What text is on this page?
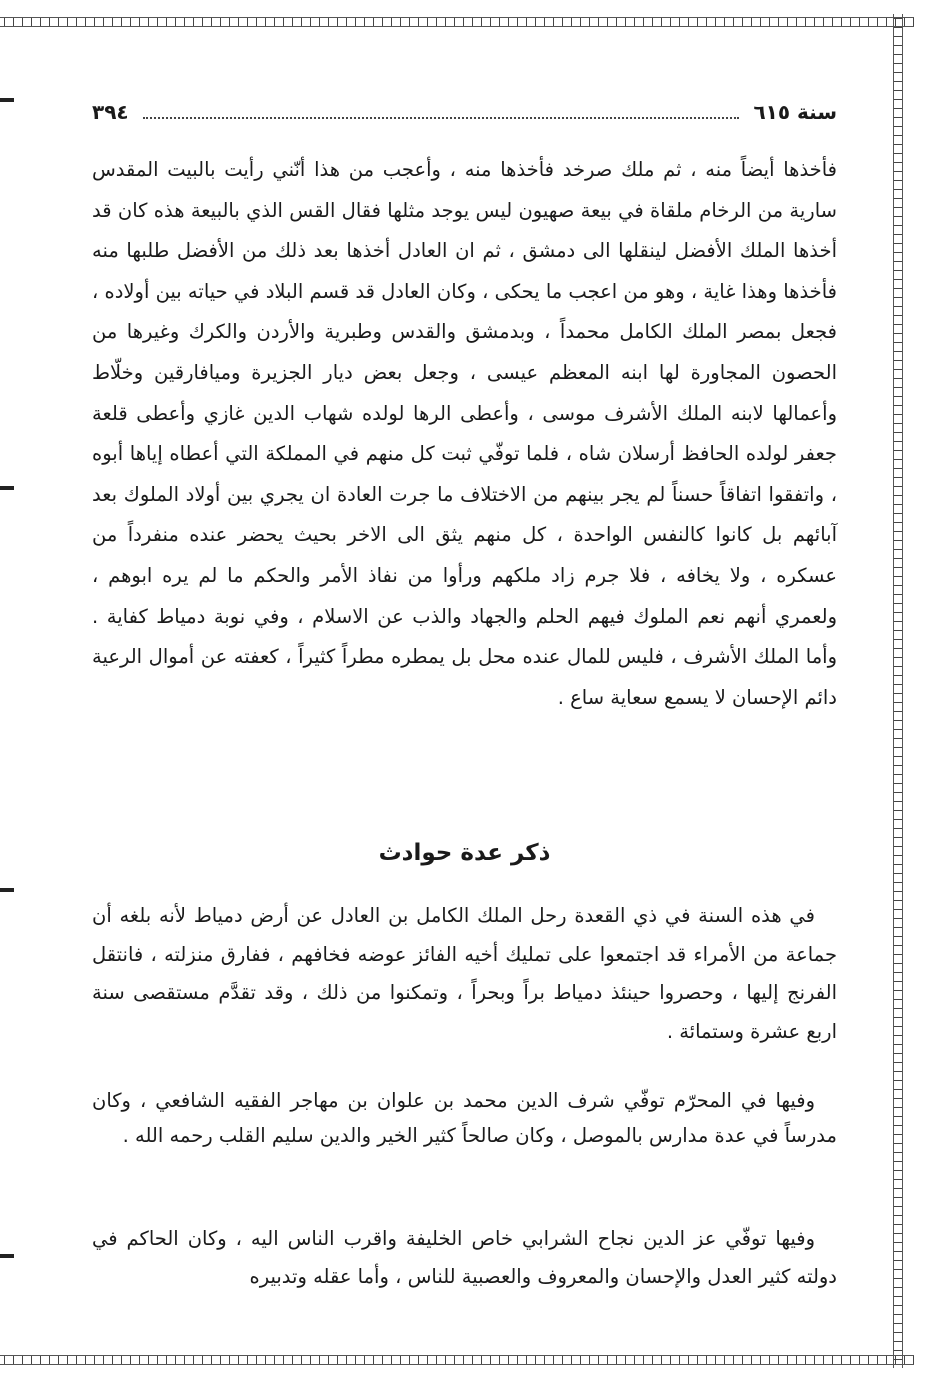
٣٩٤	سنة ٦١٥
فأخذها أيضاً منه ، ثم ملك صرخد فأخذها منه ، وأعجب من هذا أنّني رأيت بالبيت المقدس سارية من الرخام ملقاة في بيعة صهيون ليس يوجد مثلها فقال القس الذي بالبيعة هذه كان قد أخذها الملك الأفضل لينقلها الى دمشق ، ثم ان العادل أخذها بعد ذلك من الأفضل طلبها منه فأخذها وهذا غاية ، وهو من اعجب ما يحكى ، وكان العادل قد قسم البلاد في حياته بين أولاده ، فجعل بمصر الملك الكامل محمداً ، وبدمشق والقدس وطبرية والأردن والكرك وغيرها من الحصون المجاورة لها ابنه المعظم عيسى ، وجعل بعض ديار الجزيرة وميافارقين وخلّاط وأعمالها لابنه الملك الأشرف موسى ، وأعطى الرها لولده شهاب الدين غازي وأعطى قلعة جعفر لولده الحافظ أرسلان شاه ، فلما توفّي ثبت كل منهم في المملكة التي أعطاه إياها أبوه ، واتفقوا اتفاقاً حسناً لم يجر بينهم من الاختلاف ما جرت العادة ان يجري بين أولاد الملوك بعد آبائهم بل كانوا كالنفس الواحدة ، كل منهم يثق الى الاخر بحيث يحضر عنده منفرداً من عسكره ، ولا يخافه ، فلا جرم زاد ملكهم ورأوا من نفاذ الأمر والحكم ما لم يره ابوهم ، ولعمري أنهم نعم الملوك فيهم الحلم والجهاد والذب عن الاسلام ، وفي نوبة دمياط كفاية . وأما الملك الأشرف ، فليس للمال عنده محل بل يمطره مطراً كثيراً ، كعفته عن أموال الرعية دائم الإحسان لا يسمع سعاية ساع .
ذكر عدة حوادث
في هذه السنة في ذي القعدة رحل الملك الكامل بن العادل عن أرض دمياط لأنه بلغه أن جماعة من الأمراء قد اجتمعوا على تمليك أخيه الفائز عوضه فخافهم ، ففارق منزلته ، فانتقل الفرنج إليها ، وحصروا حينئذ دمياط براً وبحراً ، وتمكنوا من ذلك ، وقد تقدَّم مستقصى سنة اربع عشرة وستمائة .
وفيها في المحرّم توفّي شرف الدين محمد بن علوان بن مهاجر الفقيه الشافعي ، وكان مدرساً في عدة مدارس بالموصل ، وكان صالحاً كثير الخير والدين سليم القلب رحمه الله .
وفيها توفّي عز الدين نجاح الشرابي خاص الخليفة واقرب الناس اليه ، وكان الحاكم في دولته كثير العدل والإحسان والمعروف والعصبية للناس ، وأما عقله وتدبيره
